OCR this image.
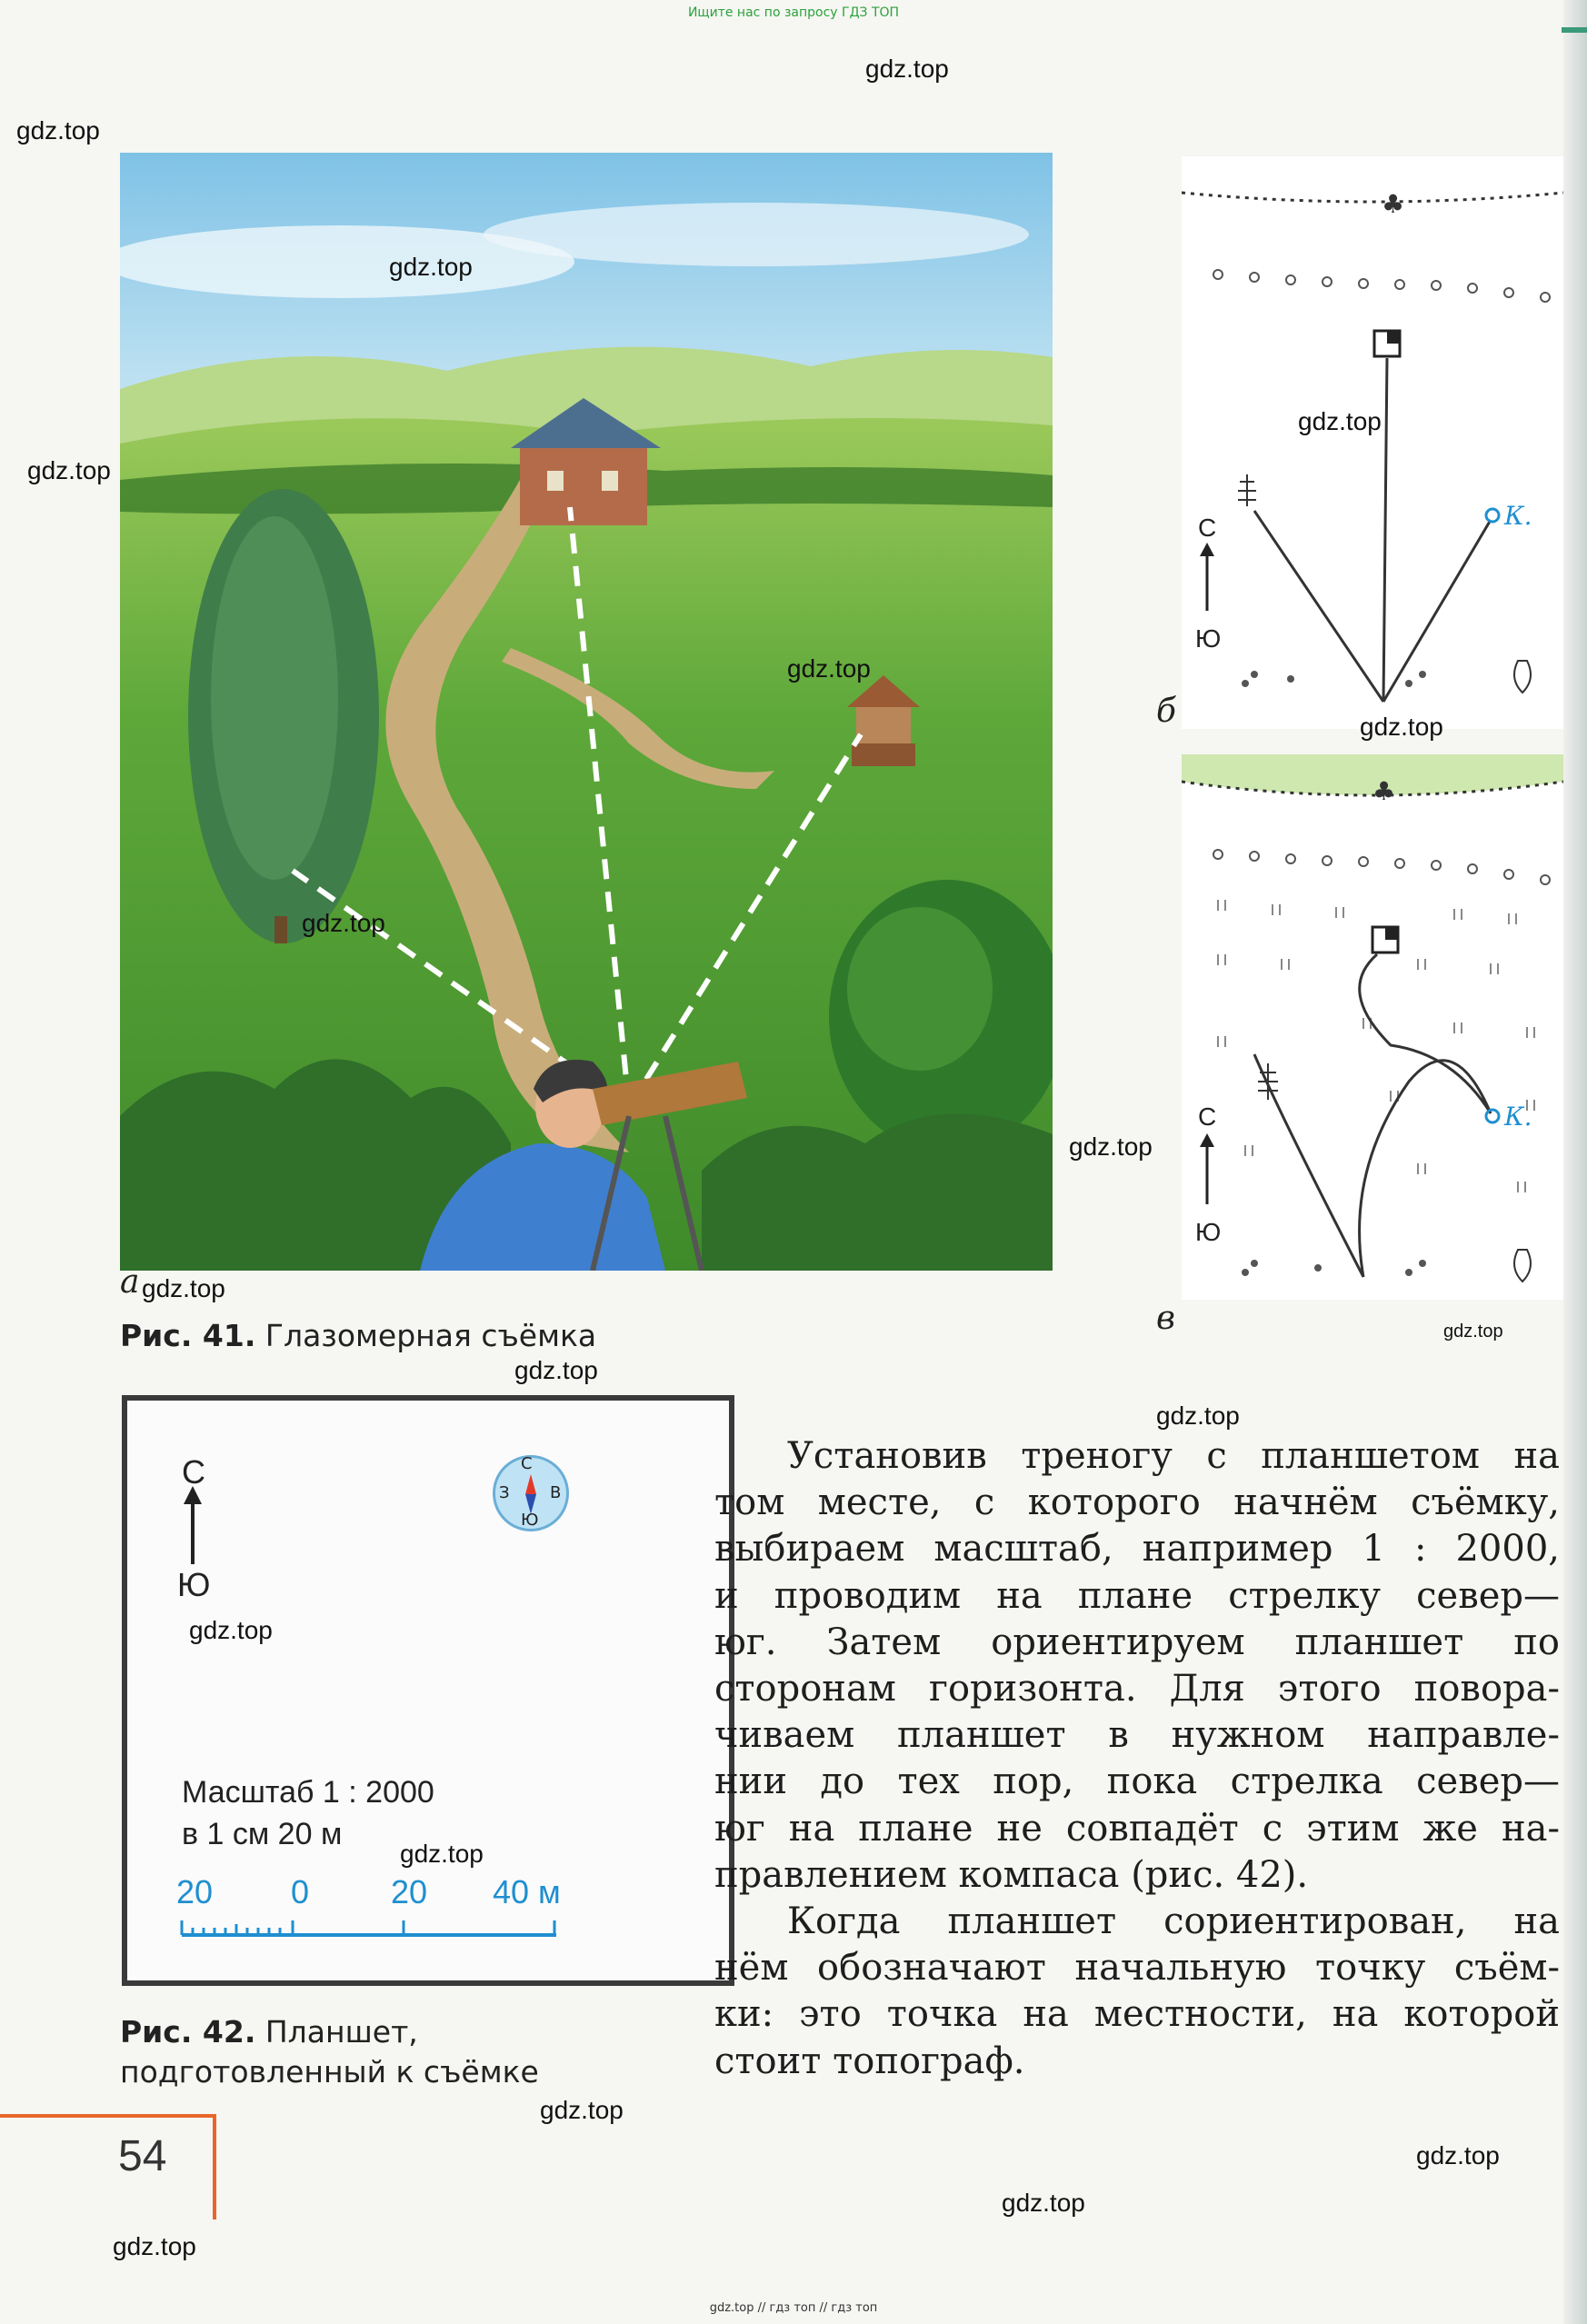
Ищите нас по запросу ГДЗ ТОП
а
Рис. 41. Глазомерная съёмка
♣
К.
С
Ю
б
♣
К.
С
Ю
в
С
Ю
С
Ю
З В
Масштаб 1 : 2000
в 1 см 20 м
20 0 20 40 м
Рис. 42. Планшет,
подготовленный к съёмке

Установив треногу с планшетом на

том месте, с которого начнём съёмку,

выбираем масштаб, например 1 : 2000,

и проводим на плане стрелку север—

юг. Затем ориентируем планшет по

сторонам горизонта. Для этого повора-

чиваем планшет в нужном направле-

нии до тех пор, пока стрелка север—

юг на плане не совпадёт с этим же на-

правлением компаса (рис. 42).

Когда планшет сориентирован, на

нём обозначают начальную точку съём-

ки: это точка на местности, на которой

стоит топограф.

54
gdz.top
gdz.top
gdz.top
gdz.top
gdz.top
gdz.top
gdz.top
gdz.top
gdz.top
gdz.top
gdz.top
gdz.top
gdz.top
gdz.top
gdz.top
gdz.top
gdz.top
gdz.top
gdz.top
gdz.top // гдз топ // гдз топ
